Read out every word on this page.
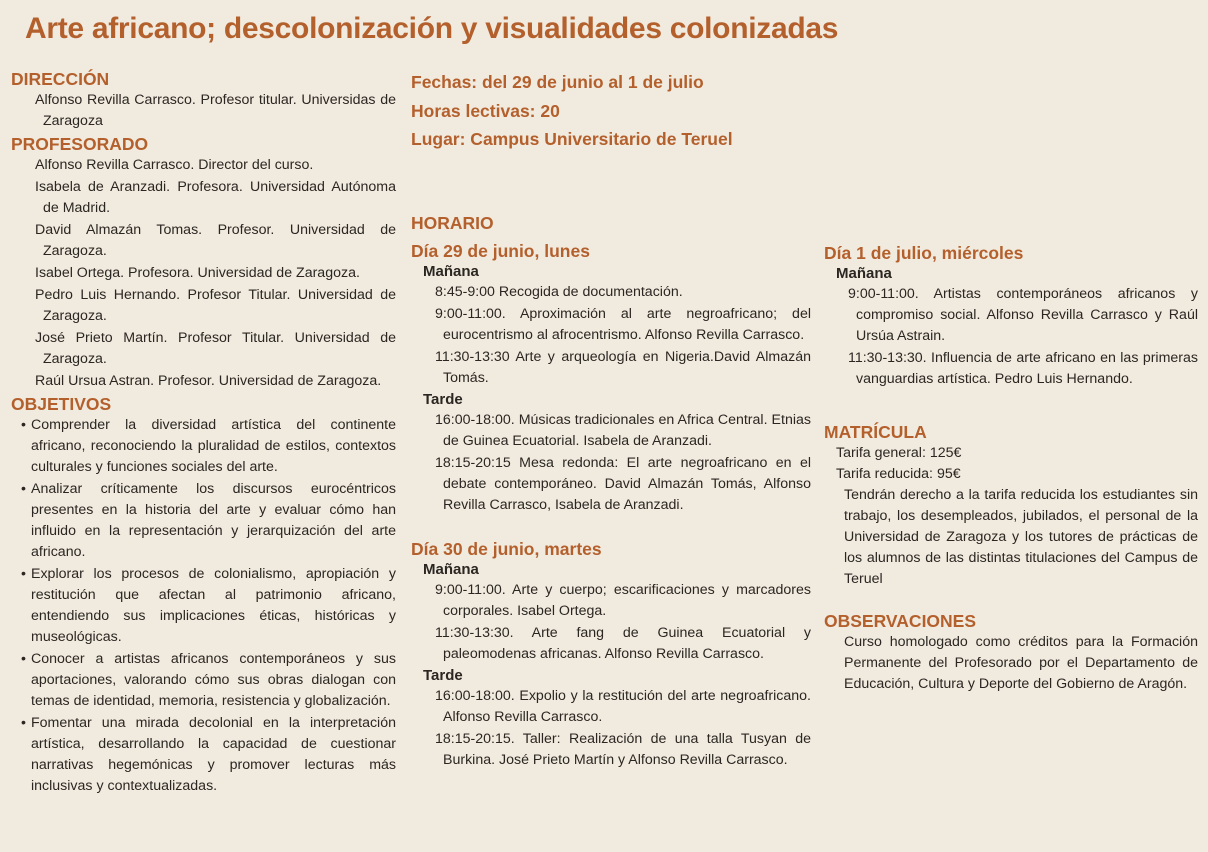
Arte africano; descolonización y visualidades colonizadas
DIRECCIÓN
Alfonso Revilla Carrasco. Profesor titular. Universidas de Zaragoza
PROFESORADO
Alfonso Revilla Carrasco. Director del curso.
Isabela de Aranzadi. Profesora. Universidad Autónoma de Madrid.
David Almazán Tomas. Profesor. Universidad de Zaragoza.
Isabel Ortega. Profesora. Universidad de Zaragoza.
Pedro Luis Hernando. Profesor Titular. Universidad de Zaragoza.
José Prieto Martín. Profesor Titular. Universidad de Zaragoza.
Raúl Ursua Astran. Profesor. Universidad de Zaragoza.
OBJETIVOS
• Comprender la diversidad artística del continente africano, reconociendo la pluralidad de estilos, contextos culturales y funciones sociales del arte.
• Analizar críticamente los discursos eurocéntricos presentes en la historia del arte y evaluar cómo han influido en la representación y jerarquización del arte africano.
• Explorar los procesos de colonialismo, apropiación y restitución que afectan al patrimonio africano, entendiendo sus implicaciones éticas, históricas y museológicas.
• Conocer a artistas africanos contemporáneos y sus aportaciones, valorando cómo sus obras dialogan con temas de identidad, memoria, resistencia y globalización.
• Fomentar una mirada decolonial en la interpretación artística, desarrollando la capacidad de cuestionar narrativas hegemónicas y promover lecturas más inclusivas y contextualizadas.
Fechas: del 29 de junio al 1 de julio
Horas lectivas: 20
Lugar: Campus Universitario de Teruel
HORARIO
Día 29 de junio, lunes
Mañana
8:45-9:00 Recogida de documentación.
9:00-11:00. Aproximación al arte negroafricano; del eurocentrismo al afrocentrismo. Alfonso Revilla Carrasco.
11:30-13:30 Arte y arqueología en Nigeria.David Almazán Tomás.
Tarde
16:00-18:00. Músicas tradicionales en Africa Central. Etnias de Guinea Ecuatorial. Isabela de Aranzadi.
18:15-20:15 Mesa redonda: El arte negroafricano en el debate contemporáneo. David Almazán Tomás, Alfonso Revilla Carrasco, Isabela de Aranzadi.
Día 30 de junio, martes
Mañana
9:00-11:00. Arte y cuerpo; escarificaciones y marcadores corporales. Isabel Ortega.
11:30-13:30. Arte fang de Guinea Ecuatorial y paleomodenas africanas. Alfonso Revilla Carrasco.
Tarde
16:00-18:00. Expolio y la restitución del arte negroafricano. Alfonso Revilla Carrasco.
18:15-20:15. Taller: Realización de una talla Tusyan de Burkina. José Prieto Martín y Alfonso Revilla Carrasco.
Día 1 de julio, miércoles
Mañana
9:00-11:00. Artistas contemporáneos africanos y compromiso social. Alfonso Revilla Carrasco y Raúl Ursúa Astrain.
11:30-13:30. Influencia de arte africano en las primeras vanguardias artística. Pedro Luis Hernando.
MATRÍCULA
Tarifa general: 125€
Tarifa reducida: 95€
Tendrán derecho a la tarifa reducida los estudiantes sin trabajo, los desempleados, jubilados, el personal de la Universidad de Zaragoza y los tutores de prácticas de los alumnos de las distintas titulaciones del Campus de Teruel
OBSERVACIONES
Curso homologado como créditos para la Formación Permanente del Profesorado por el Departamento de Educación, Cultura y Deporte del Gobierno de Aragón.
